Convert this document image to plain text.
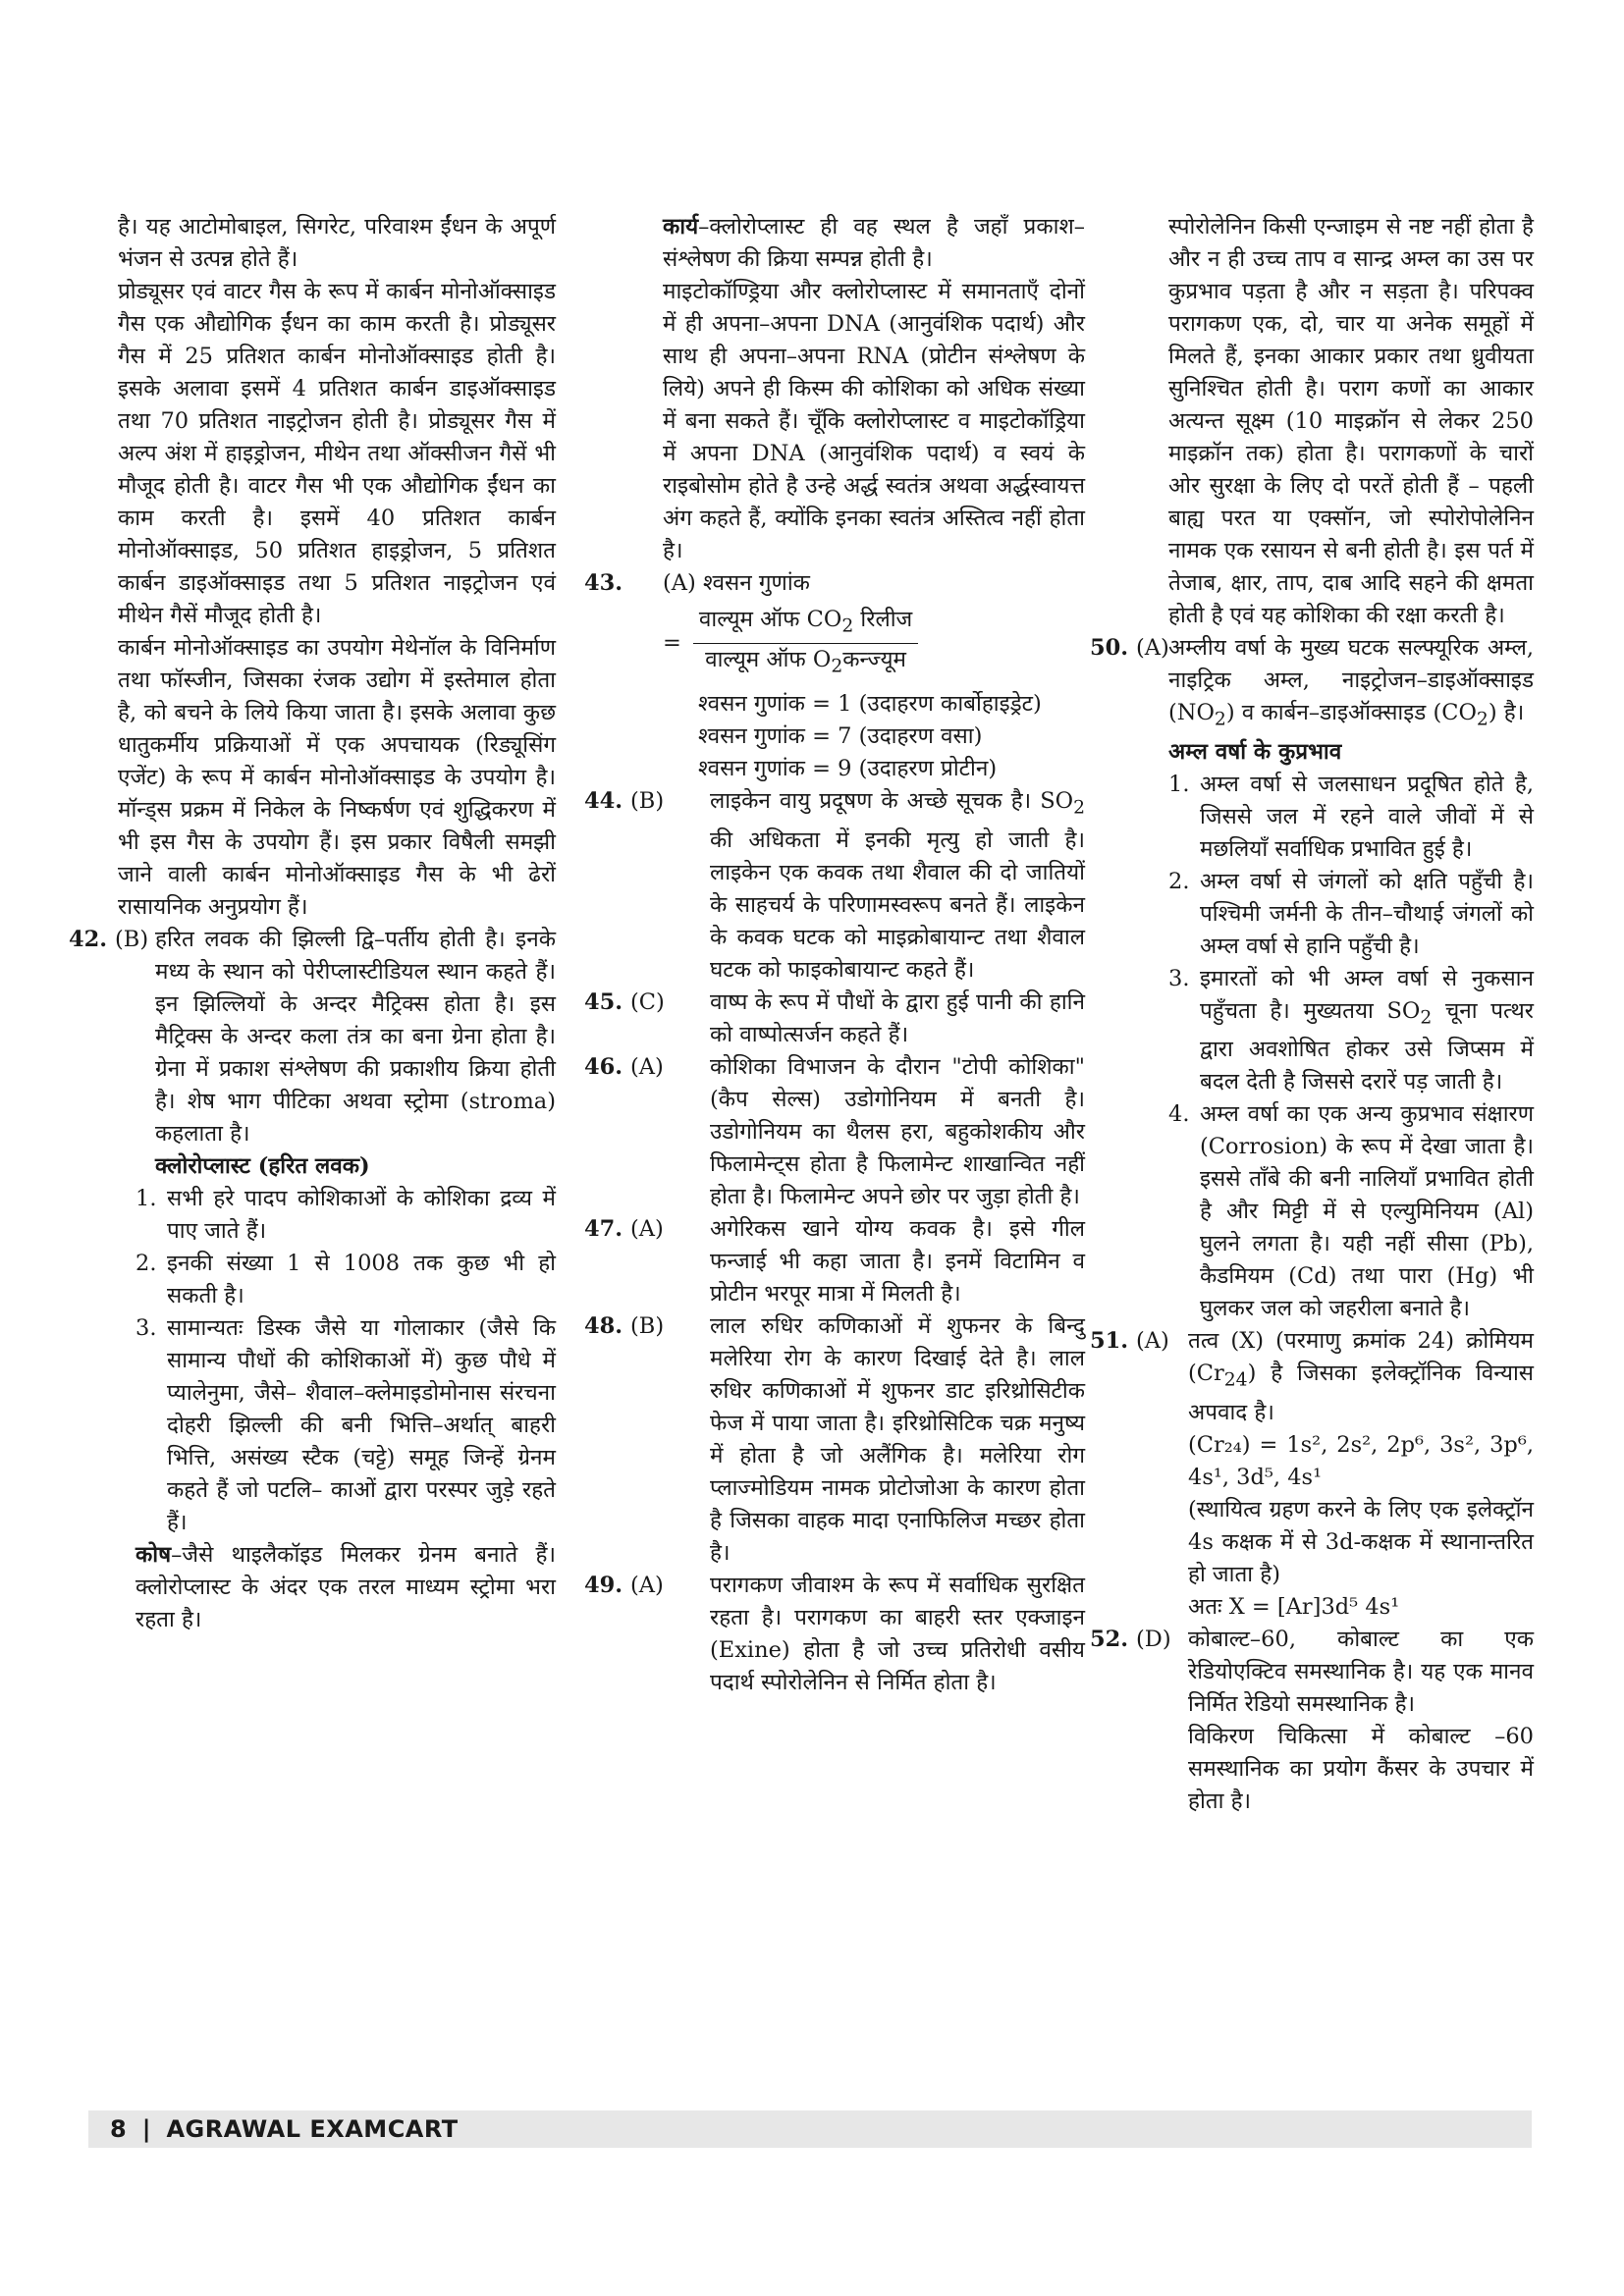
है। यह आटोमोबाइल, सिगरेट, परिवाश्म ईंधन के अपूर्ण भंजन से उत्पन्न होते हैं।

प्रोड्यूसर एवं वाटर गैस के रूप में कार्बन मोनोऑक्साइड गैस एक औद्योगिक ईंधन का काम करती है। प्रोड्यूसर गैस में 25 प्रतिशत कार्बन मोनोऑक्साइड होती है। इसके अलावा इसमें 4 प्रतिशत कार्बन डाइऑक्साइड तथा 70 प्रतिशत नाइट्रोजन होती है। प्रोड्यूसर गैस में अल्प अंश में हाइड्रोजन, मीथेन तथा ऑक्सीजन गैसें भी मौजूद होती है। वाटर गैस भी एक औद्योगिक ईंधन का काम करती है। इसमें 40 प्रतिशत कार्बन मोनोऑक्साइड, 50 प्रतिशत हाइड्रोजन, 5 प्रतिशत कार्बन डाइऑक्साइड तथा 5 प्रतिशत नाइट्रोजन एवं मीथेन गैसें मौजूद होती है।

कार्बन मोनोऑक्साइड का उपयोग मेथेनॉल के विनिर्माण तथा फॉस्जीन, जिसका रंजक उद्योग में इस्तेमाल होता है, को बचने के लिये किया जाता है। इसके अलावा कुछ धातुकर्मीय प्रक्रियाओं में एक अपचायक (रिड्यूसिंग एजेंट) के रूप में कार्बन मोनोऑक्साइड के उपयोग है। मॉन्ड्स प्रक्रम में निकेल के निष्कर्षण एवं शुद्धिकरण में भी इस गैस के उपयोग हैं। इस प्रकार विषैली समझी जाने वाली कार्बन मोनोऑक्साइड गैस के भी ढेरों रासायनिक अनुप्रयोग हैं।

42. (B) हरित लवक की झिल्ली द्वि–पर्तीय होती है। इनके मध्य के स्थान को पेरीप्लास्टीडियल स्थान कहते हैं। इन झिल्लियों के अन्दर मैट्रिक्स होता है। इस मैट्रिक्स के अन्दर कला तंत्र का बना ग्रेना होता है। ग्रेना में प्रकाश संश्लेषण की प्रकाशीय क्रिया होती है। शेष भाग पीटिका अथवा स्ट्रोमा (stroma) कहलाता है।

क्लोरोप्लास्ट (हरित लवक)

1. सभी हरे पादप कोशिकाओं के कोशिका द्रव्य में पाए जाते हैं।
2. इनकी संख्या 1 से 1008 तक कुछ भी हो सकती है।
3. सामान्यतः डिस्क जैसे या गोलाकार (जैसे कि सामान्य पौधों की कोशिकाओं में) कुछ पौधे में प्यालेनुमा, जैसे– शैवाल–क्लेमाइडोमोनास संरचना दोहरी झिल्ली की बनी भित्ति–अर्थात् बाहरी भित्ति, असंख्य स्टैक (चट्टे) समूह जिन्हें ग्रेनम कहते हैं जो पटलि– काओं द्वारा परस्पर जुड़े रहते हैं।

कोष–जैसे थाइलैकॉइड मिलकर ग्रेनम बनाते हैं। क्लोरोप्लास्ट के अंदर एक तरल माध्यम स्ट्रोमा भरा रहता है।

कार्य–क्लोरोप्लास्ट ही वह स्थल है जहाँ प्रकाश–संश्लेषण की क्रिया सम्पन्न होती है।

माइटोकॉण्ड्रिया और क्लोरोप्लास्ट में समानताएँ दोनों में ही अपना–अपना DNA (आनुवंशिक पदार्थ) और साथ ही अपना–अपना RNA (प्रोटीन संश्लेषण के लिये) अपने ही किस्म की कोशिका को अधिक संख्या में बना सकते हैं। चूँकि क्लोरोप्लास्ट व माइटोकॉड्रिया में अपना DNA (आनुवंशिक पदार्थ) व स्वयं के राइबोसोम होते है उन्हे अर्द्ध स्वतंत्र अथवा अर्द्धस्वायत्त अंग कहते हैं, क्योंकि इनका स्वतंत्र अस्तित्व नहीं होता है।

43.	(A) श्वसन गुणांक

= $\frac{वाल्यूम ऑफ CO_2 रिलीज}{वाल्यूम ऑफ O_2कन्ज्यूम}$

श्वसन गुणांक = 1 (उदाहरण कार्बोहाइड्रेट)

श्वसन गुणांक = 7 (उदाहरण वसा)

श्वसन गुणांक = 9 (उदाहरण प्रोटीन)

44. (B)	लाइकेन वायु प्रदूषण के अच्छे सूचक है। $SO_2$ की अधिकता में इनकी मृत्यु हो जाती है। लाइकेन एक कवक तथा शैवाल की दो जातियों के साहचर्य के परिणामस्वरूप बनते हैं। लाइकेन के कवक घटक को माइक्रोबायान्ट तथा शैवाल घटक को फाइकोबायान्ट कहते हैं।

45. (C)	वाष्प के रूप में पौधों के द्वारा हुई पानी की हानि को वाष्पोत्सर्जन कहते हैं।

46. (A)	कोशिका विभाजन के दौरान "टोपी कोशिका" (कैप सेल्स) उडोगोनियम में बनती है। उडोगोनियम का थैलस हरा, बहुकोशकीय और फिलामेन्ट्स होता है फिलामेन्ट शाखान्वित नहीं होता है। फिलामेन्ट अपने छोर पर जुड़ा होती है।

47. (A)	अगेरिकस खाने योग्य कवक है। इसे गील फन्जाई भी कहा जाता है। इनमें विटामिन व प्रोटीन भरपूर मात्रा में मिलती है।

48. (B)	लाल रुधिर कणिकाओं में शुफनर के बिन्दु मलेरिया रोग के कारण दिखाई देते है। लाल रुधिर कणिकाओं में शुफनर डाट इरिथ्रोसिटीक फेज में पाया जाता है। इरिथ्रोसिटिक चक्र मनुष्य में होता है जो अलैंगिक है। मलेरिया रोग प्लाज्मोडियम नामक प्रोटोजोआ के कारण होता है जिसका वाहक मादा एनाफिलिज मच्छर होता है।

49. (A)	परागकण जीवाश्म के रूप में सर्वाधिक सुरक्षित रहता है। परागकण का बाहरी स्तर एक्जाइन (Exine) होता है जो उच्च प्रतिरोधी वसीय पदार्थ स्पोरोलेनिन से निर्मित होता है।

स्पोरोलेनिन किसी एन्जाइम से नष्ट नहीं होता है और न ही उच्च ताप व सान्द्र अम्ल का उस पर कुप्रभाव पड़ता है और न सड़ता है। परिपक्व परागकण एक, दो, चार या अनेक समूहों में मिलते हैं, इनका आकार प्रकार तथा ध्रुवीयता सुनिश्चित होती है। पराग कणों का आकार अत्यन्त सूक्ष्म (10 माइक्रॉन से लेकर 250 माइक्रॉन तक) होता है। परागकणों के चारों ओर सुरक्षा के लिए दो परतें होती हैं – पहली बाह्य परत या एक्सॉन, जो स्पोरोपोलेनिन नामक एक रसायन से बनी होती है। इस पर्त में तेजाब, क्षार, ताप, दाब आदि सहने की क्षमता होती है एवं यह कोशिका की रक्षा करती है।

50. (A) अम्लीय वर्षा के मुख्य घटक सल्फ्यूरिक अम्ल, नाइट्रिक अम्ल, नाइट्रोजन–डाइऑक्साइड $(NO_2)$ व कार्बन–डाइऑक्साइड $(CO_2)$ है।

अम्ल वर्षा के कुप्रभाव

1. अम्ल वर्षा से जलसाधन प्रदूषित होते है, जिससे जल में रहने वाले जीवों में से मछलियाँ सर्वाधिक प्रभावित हुई है।
2. अम्ल वर्षा से जंगलों को क्षति पहुँची है। पश्चिमी जर्मनी के तीन–चौथाई जंगलों को अम्ल वर्षा से हानि पहुँची है।
3. इमारतों को भी अम्ल वर्षा से नुकसान पहुँचता है। मुख्यतया $SO_2$ चूना पत्थर द्वारा अवशोषित होकर उसे जिप्सम में बदल देती है जिससे दरारें पड़ जाती है।
4. अम्ल वर्षा का एक अन्य कुप्रभाव संक्षारण (Corrosion) के रूप में देखा जाता है। इससे ताँबे की बनी नालियाँ प्रभावित होती है और मिट्टी में से एल्युमिनियम (Al) घुलने लगता है। यही नहीं सीसा (Pb), कैडमियम (Cd) तथा पारा (Hg) भी घुलकर जल को जहरीला बनाते है।
51. (A) तत्व (X) (परमाणु क्रमांक 24) क्रोमियम $(Cr_{24})$ है जिसका इलेक्ट्रॉनिक विन्यास अपवाद है।

(Cr₂₄) = 1s², 2s², 2p⁶, 3s², 3p⁶, 4s¹, 3d⁵, 4s¹

(स्थायित्व ग्रहण करने के लिए एक इलेक्ट्रॉन 4s कक्षक में से 3d-कक्षक में स्थानान्तरित हो जाता है)

अतः X = [Ar]3d⁵ 4s¹

52. (D) कोबाल्ट–60, कोबाल्ट का एक रेडियोएक्टिव समस्थानिक है। यह एक मानव निर्मित रेडियो समस्थानिक है।

विकिरण चिकित्सा में कोबाल्ट –60 समस्थानिक का प्रयोग कैंसर के उपचार में होता है।

8 | AGRAWAL EXAMCART
